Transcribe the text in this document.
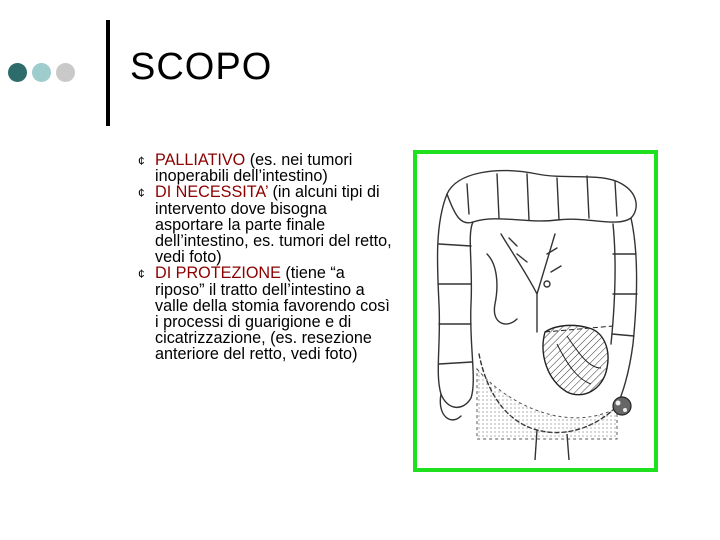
SCOPO
¢ PALLIATIVO (es. nei tumori inoperabili dell’intestino)
¢ DI NECESSITA’ (in alcuni tipi di intervento dove bisogna asportare la parte finale dell’intestino, es. tumori del retto, vedi foto)
¢ DI PROTEZIONE (tiene “a riposo” il tratto dell’intestino a valle della stomia favorendo così i processi di guarigione e di cicatrizzazione, (es. resezione anteriore del retto, vedi foto)
